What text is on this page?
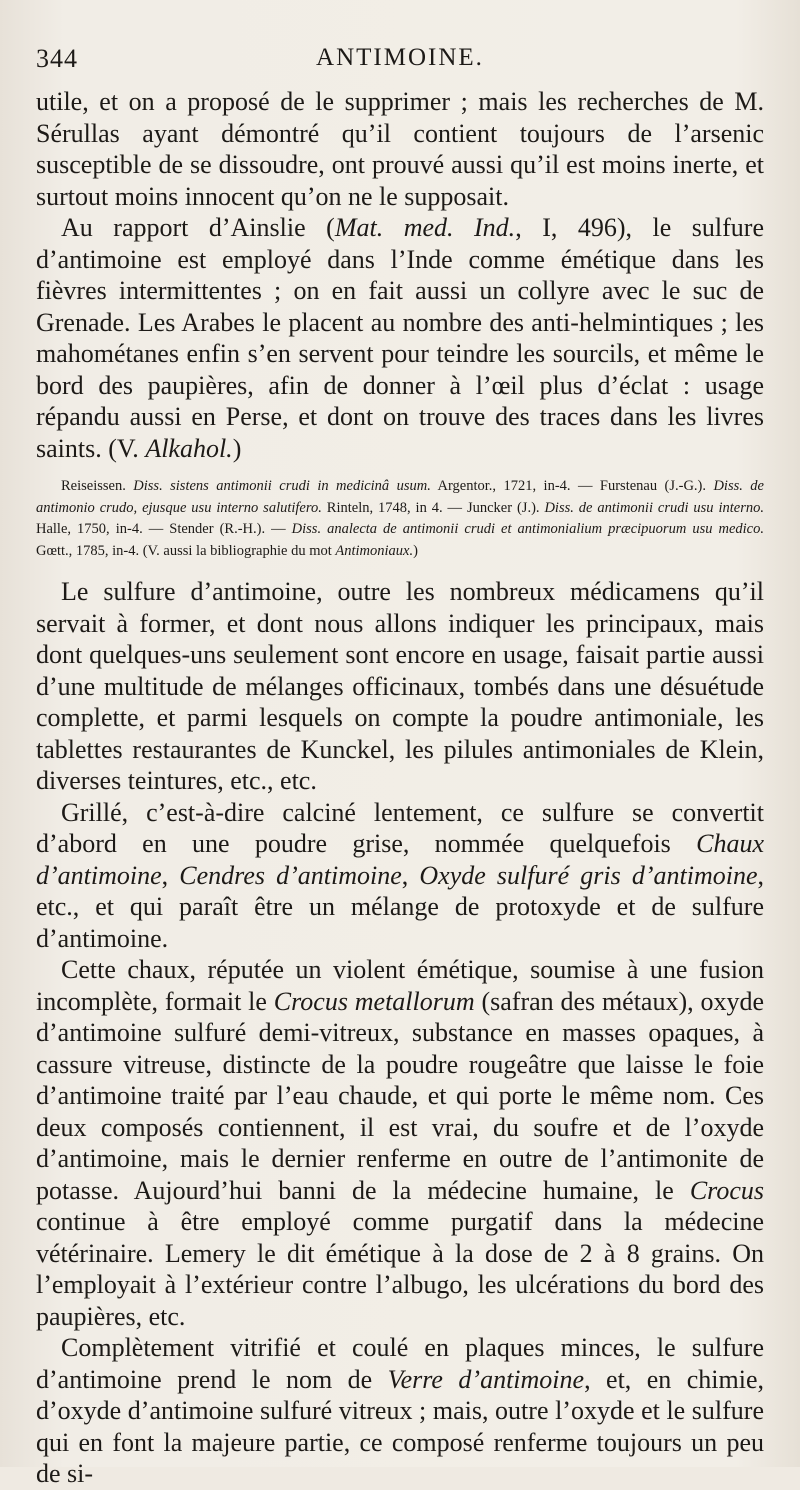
344	ANTIMOINE.

utile, et on a proposé de le supprimer ; mais les recherches de M. Sérullas ayant démontré qu’il contient toujours de l’arsenic susceptible de se dissoudre, ont prouvé aussi qu’il est moins inerte, et surtout moins innocent qu’on ne le supposait.

Au rapport d’Ainslie (Mat. med. Ind., I, 496), le sulfure d’antimoine est employé dans l’Inde comme émétique dans les fièvres intermittentes ; on en fait aussi un collyre avec le suc de Grenade. Les Arabes le placent au nombre des anti-helmintiques ; les mahométanes enfin s’en servent pour teindre les sourcils, et même le bord des paupières, afin de donner à l’œil plus d’éclat : usage répandu aussi en Perse, et dont on trouve des traces dans les livres saints. (V. Alkahol.)

Reiseissen. Diss. sistens antimonii crudi in medicinâ usum. Argentor., 1721, in-4. — Furstenau (J.-G.). Diss. de antimonio crudo, ejusque usu interno salutifero. Rinteln, 1748, in 4. — Juncker (J.). Diss. de antimonii crudi usu interno. Halle, 1750, in-4. — Stender (R.-H.). — Diss. analecta de antimonii crudi et antimonialium præcipuorum usu medico. Gœtt., 1785, in-4. (V. aussi la bibliographie du mot Antimoniaux.)

Le sulfure d’antimoine, outre les nombreux médicamens qu’il servait à former, et dont nous allons indiquer les principaux, mais dont quelques-uns seulement sont encore en usage, faisait partie aussi d’une multitude de mélanges officinaux, tombés dans une désuétude complette, et parmi lesquels on compte la poudre antimoniale, les tablettes restaurantes de Kunckel, les pilules antimoniales de Klein, diverses teintures, etc., etc.

Grillé, c’est-à-dire calciné lentement, ce sulfure se convertit d’abord en une poudre grise, nommée quelquefois Chaux d’antimoine, Cendres d’antimoine, Oxyde sulfuré gris d’antimoine, etc., et qui paraît être un mélange de protoxyde et de sulfure d’antimoine.

Cette chaux, réputée un violent émétique, soumise à une fusion incomplète, formait le Crocus metallorum (safran des métaux), oxyde d’antimoine sulfuré demi-vitreux, substance en masses opaques, à cassure vitreuse, distincte de la poudre rougeâtre que laisse le foie d’antimoine traité par l’eau chaude, et qui porte le même nom. Ces deux composés contiennent, il est vrai, du soufre et de l’oxyde d’antimoine, mais le dernier renferme en outre de l’antimonite de potasse. Aujourd’hui banni de la médecine humaine, le Crocus continue à être employé comme purgatif dans la médecine vétérinaire. Lemery le dit émétique à la dose de 2 à 8 grains. On l’employait à l’extérieur contre l’albugo, les ulcérations du bord des paupières, etc.

Complètement vitrifié et coulé en plaques minces, le sulfure d’antimoine prend le nom de Verre d’antimoine, et, en chimie, d’oxyde d’antimoine sulfuré vitreux ; mais, outre l’oxyde et le sulfure qui en font la majeure partie, ce composé renferme toujours un peu de si-
